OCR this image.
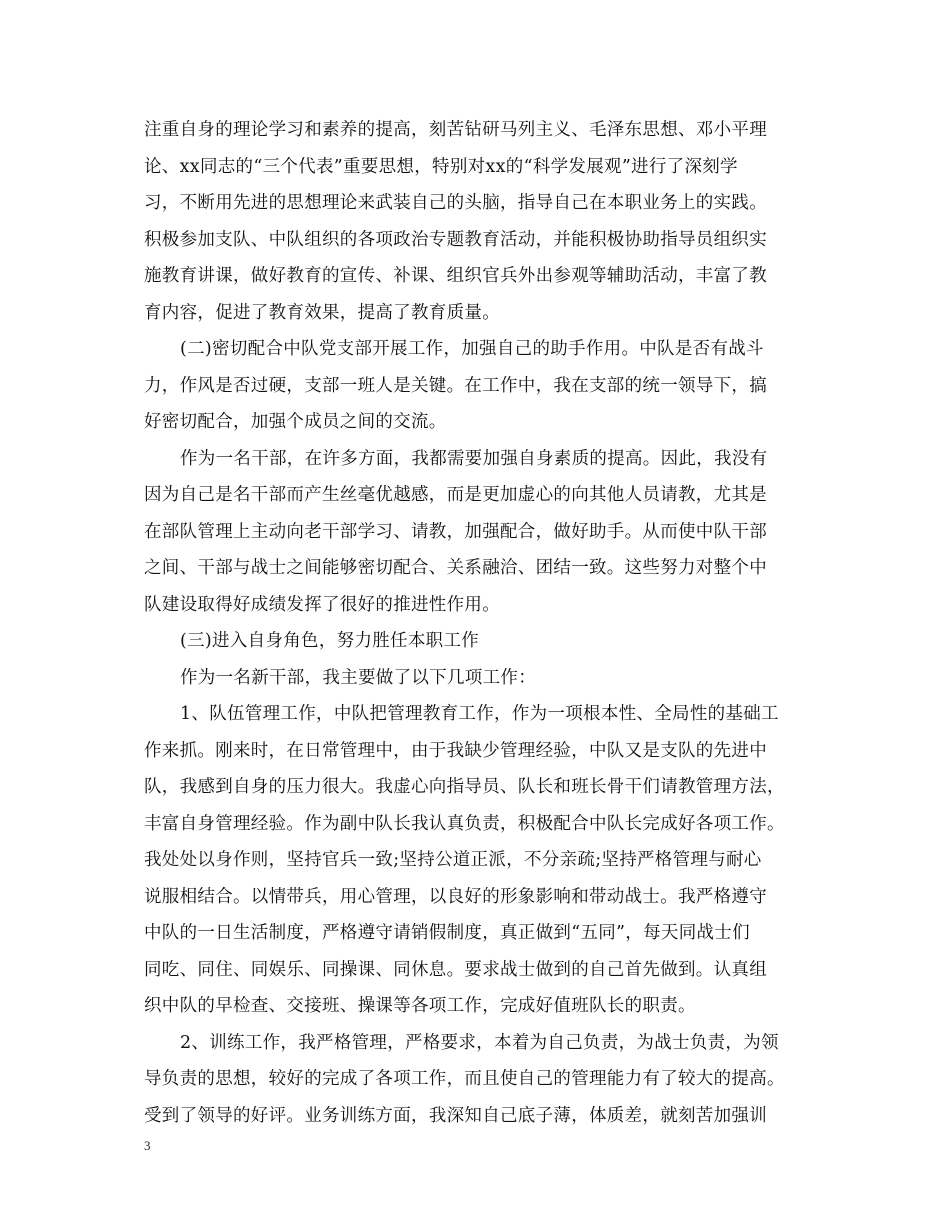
注重自身的理论学习和素养的提高，刻苦钻研马列主义、毛泽东思想、邓小平理
论、xx同志的“三个代表”重要思想，特别对xx的“科学发展观”进行了深刻学
习，不断用先进的思想理论来武装自己的头脑，指导自己在本职业务上的实践。
积极参加支队、中队组织的各项政治专题教育活动，并能积极协助指导员组织实
施教育讲课，做好教育的宣传、补课、组织官兵外出参观等辅助活动，丰富了教
育内容，促进了教育效果，提高了教育质量。
(二)密切配合中队党支部开展工作，加强自己的助手作用。中队是否有战斗
力，作风是否过硬，支部一班人是关键。在工作中，我在支部的统一领导下，搞
好密切配合，加强个成员之间的交流。
作为一名干部，在许多方面，我都需要加强自身素质的提高。因此，我没有
因为自己是名干部而产生丝毫优越感，而是更加虚心的向其他人员请教，尤其是
在部队管理上主动向老干部学习、请教，加强配合，做好助手。从而使中队干部
之间、干部与战士之间能够密切配合、关系融洽、团结一致。这些努力对整个中
队建设取得好成绩发挥了很好的推进性作用。
(三)进入自身角色，努力胜任本职工作
作为一名新干部，我主要做了以下几项工作：
1、队伍管理工作，中队把管理教育工作，作为一项根本性、全局性的基础工
作来抓。刚来时，在日常管理中，由于我缺少管理经验，中队又是支队的先进中
队，我感到自身的压力很大。我虚心向指导员、队长和班长骨干们请教管理方法，
丰富自身管理经验。作为副中队长我认真负责，积极配合中队长完成好各项工作。
我处处以身作则，坚持官兵一致;坚持公道正派，不分亲疏;坚持严格管理与耐心
说服相结合。以情带兵，用心管理，以良好的形象影响和带动战士。我严格遵守
中队的一日生活制度，严格遵守请销假制度，真正做到“五同”，每天同战士们
同吃、同住、同娱乐、同操课、同休息。要求战士做到的自己首先做到。认真组
织中队的早检查、交接班、操课等各项工作，完成好值班队长的职责。
2、训练工作，我严格管理，严格要求，本着为自己负责，为战士负责，为领
导负责的思想，较好的完成了各项工作，而且使自己的管理能力有了较大的提高。
受到了领导的好评。业务训练方面，我深知自己底子薄，体质差，就刻苦加强训
3
